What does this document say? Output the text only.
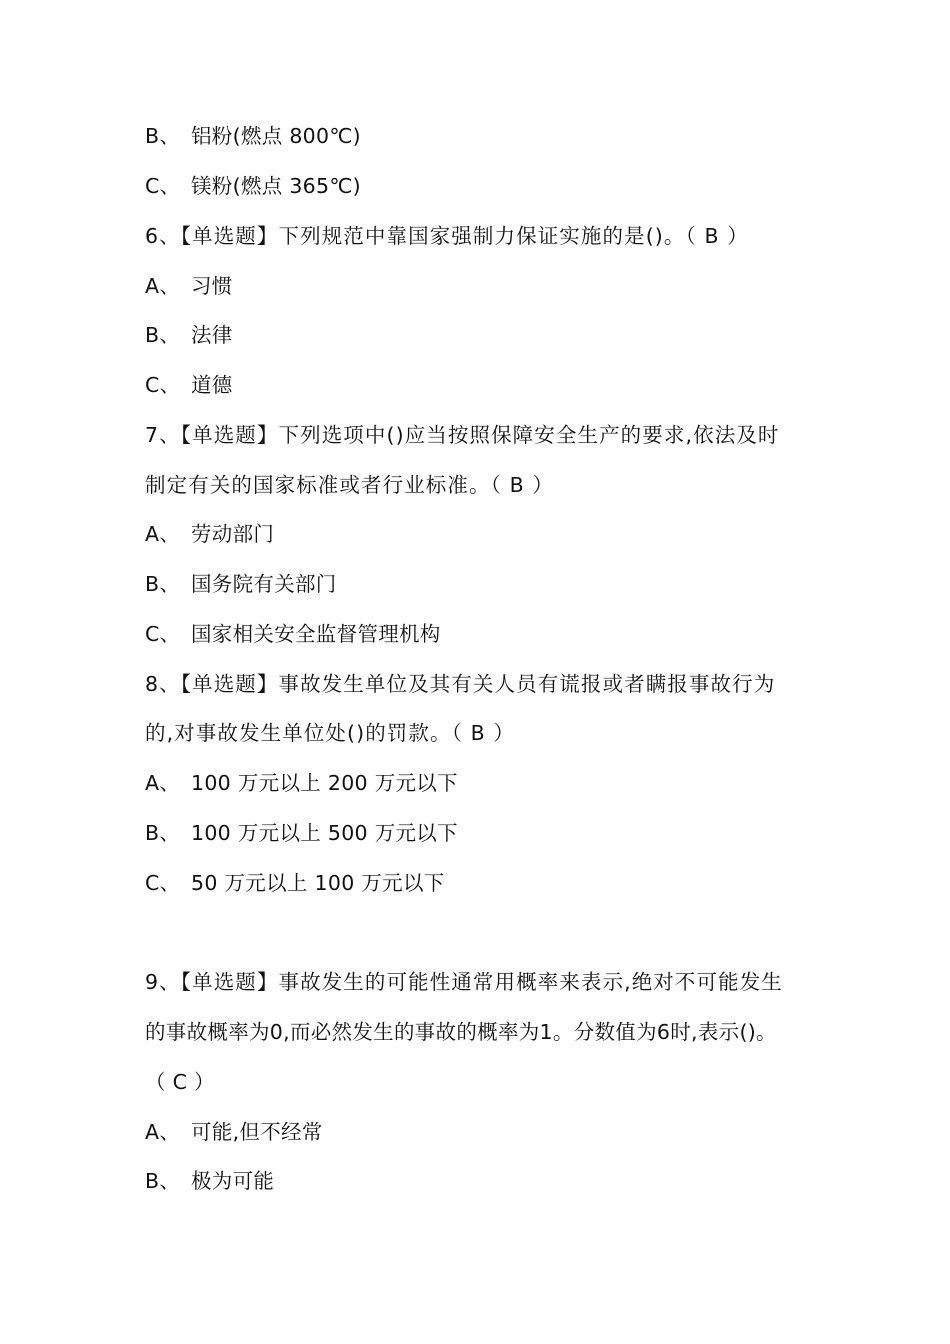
B、 铝粉(燃点 800℃)
C、 镁粉(燃点 365℃)
6、【单选题】下列规范中靠国家强制力保证实施的是()。（ B ）
A、 习惯
B、 法律
C、 道德
7、【单选题】下列选项中()应当按照保障安全生产的要求,依法及时
制定有关的国家标准或者行业标准。（ B ）
A、 劳动部门
B、 国务院有关部门
C、 国家相关安全监督管理机构
8、【单选题】事故发生单位及其有关人员有谎报或者瞒报事故行为
的,对事故发生单位处()的罚款。（ B ）
A、 100 万元以上 200 万元以下
B、 100 万元以上 500 万元以下
C、 50 万元以上 100 万元以下
9、【单选题】事故发生的可能性通常用概率来表示,绝对不可能发生
的事故概率为0,而必然发生的事故的概率为1。分数值为6时,表示()。
（ C ）
A、 可能,但不经常
B、 极为可能
